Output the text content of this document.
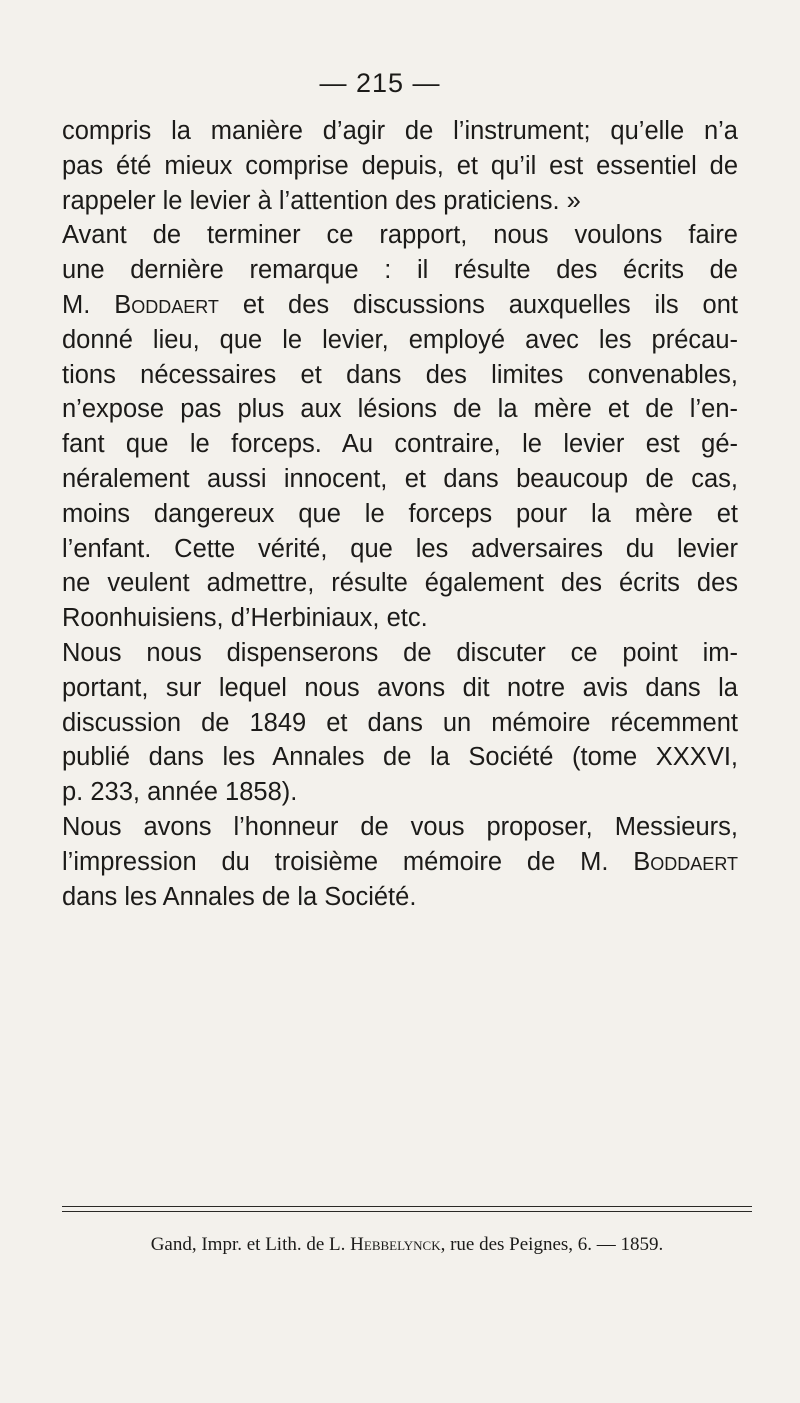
— 215 —
compris la manière d’agir de l’instrument; qu’elle n’a
pas été mieux comprise depuis, et qu’il est essentiel de
rappeler le levier à l’attention des praticiens. »
Avant de terminer ce rapport, nous voulons faire
une dernière remarque : il résulte des écrits de
M. Boddaert et des discussions auxquelles ils ont
donné lieu, que le levier, employé avec les précau-
tions nécessaires et dans des limites convenables,
n’expose pas plus aux lésions de la mère et de l’en-
fant que le forceps. Au contraire, le levier est gé-
néralement aussi innocent, et dans beaucoup de cas,
moins dangereux que le forceps pour la mère et
l’enfant. Cette vérité, que les adversaires du levier
ne veulent admettre, résulte également des écrits des
Roonhuisiens, d’Herbiniaux, etc.
Nous nous dispenserons de discuter ce point im-
portant, sur lequel nous avons dit notre avis dans la
discussion de 1849 et dans un mémoire récemment
publié dans les Annales de la Société (tome XXXVI,
p. 233, année 1858).
Nous avons l’honneur de vous proposer, Messieurs,
l’impression du troisième mémoire de M. Boddaert
dans les Annales de la Société.
Gand, Impr. et Lith. de L. Hebbelynck, rue des Peignes, 6. — 1859.
